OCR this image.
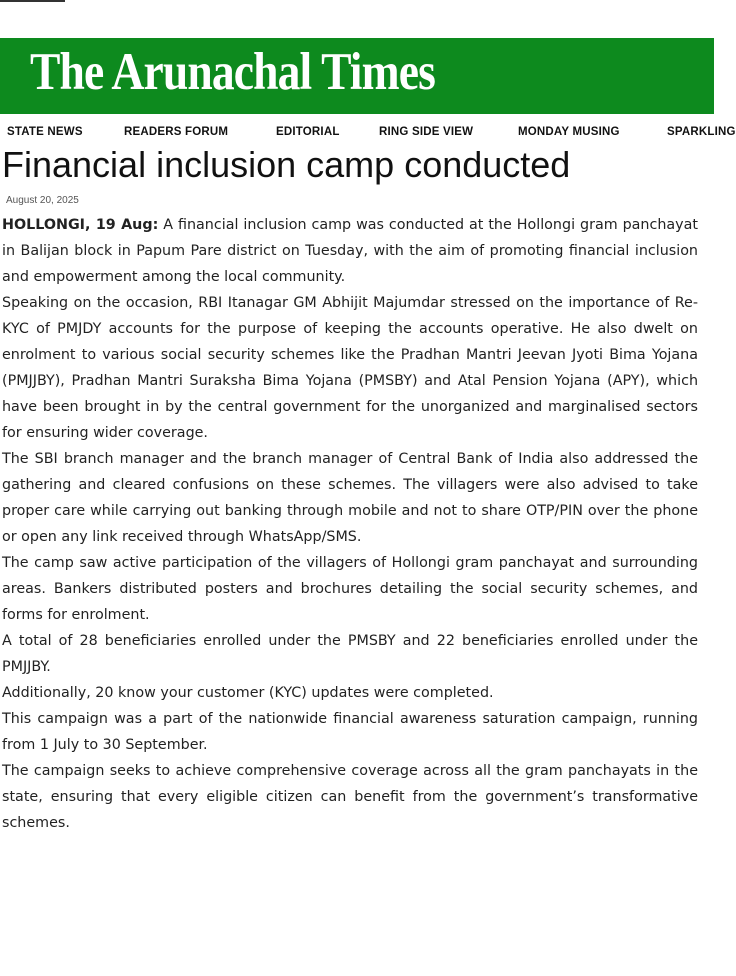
The Arunachal Times
STATE NEWS	READERS FORUM	EDITORIAL	RING SIDE VIEW	MONDAY MUSING	SPARKLING
Financial inclusion camp conducted
August 20, 2025

HOLLONGI, 19 Aug: A financial inclusion camp was conducted at the Hollongi gram panchayat in Balijan block in Papum Pare district on Tuesday, with the aim of promoting financial inclusion and empowerment among the local community.

Speaking on the occasion, RBI Itanagar GM Abhijit Majumdar stressed on the importance of Re-KYC of PMJDY accounts for the purpose of keeping the accounts operative. He also dwelt on enrolment to various social security schemes like the Pradhan Mantri Jeevan Jyoti Bima Yojana (PMJJBY), Pradhan Mantri Suraksha Bima Yojana (PMSBY) and Atal Pension Yojana (APY), which have been brought in by the central government for the unorganized and marginalised sectors for ensuring wider coverage.

The SBI branch manager and the branch manager of Central Bank of India also addressed the gathering and cleared confusions on these schemes. The villagers were also advised to take proper care while carrying out banking through mobile and not to share OTP/PIN over the phone or open any link received through WhatsApp/SMS.

The camp saw active participation of the villagers of Hollongi gram panchayat and surrounding areas. Bankers distributed posters and brochures detailing the social security schemes, and forms for enrolment.

A total of 28 beneficiaries enrolled under the PMSBY and 22 beneficiaries enrolled under the PMJJBY.

Additionally, 20 know your customer (KYC) updates were completed.

This campaign was a part of the nationwide financial awareness saturation campaign, running from 1 July to 30 September.

The campaign seeks to achieve comprehensive coverage across all the gram panchayats in the state, ensuring that every eligible citizen can benefit from the government’s transformative schemes.
